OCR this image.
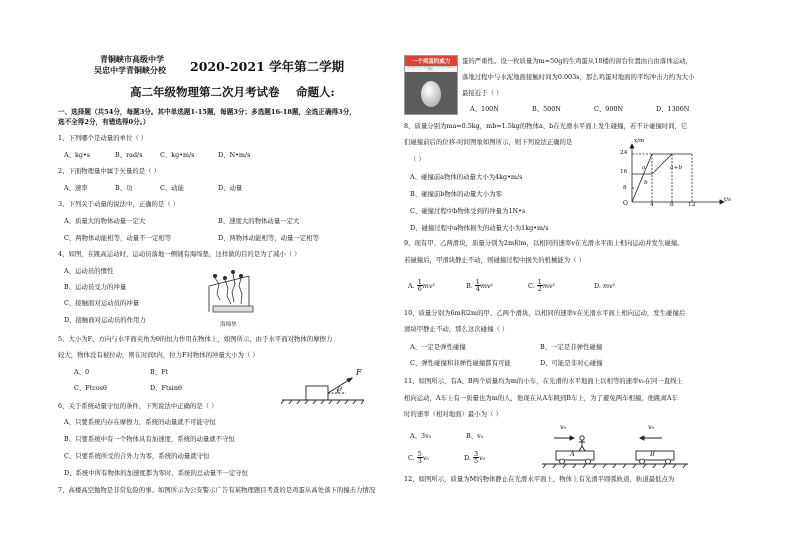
青铜峡市高级中学
吴忠中学青铜峡分校 2020-2021 学年第二学期
高二年级物理第二次月考试卷 命题人:
一、选择题（共54分，每题3分。其中单选题1-15题，每题3分；多选题16-18题，全选正确得3分，
选不全得2分，有错选得0分。）
1、下列哪个是动量的单位（ ）
A、kg•s	B、rad/s	C、kg•m/s	D、N•m/s
2、下面物理量中属于矢量的是（ ）
A、速率	B、功	C、动能	D、动量
3、下列关于动量的说法中，正确的是（ ）
A、质量大的物体动量一定大	B、速度大的物体动量一定大
C、两物体动能相等，动量不一定相等	D、两物体动能相等，动量一定相等
4、如图，在跳高运动时，运动员落地一侧铺有海绵垫，这样做的目的是为了减小（ ）
A、运动员的惯性
B、运动员受力的冲量
C、接触面对运动员的冲量
D、接触面对运动员的作用力
海绵垫
5、大小为F、方向与水平面夹角为θ的恒力作用在物体上，如图所示，由于水平面对物体的摩擦力
较大，物体没有被拉动，则在时间t内，拉力F对物体的冲量大小为（ ）
A、0	B、Ft
C、Ftcosθ	D、Ftsinθ
F
θ
6、关于系统动量守恒的条件，下列说法中正确的是（ ）
A、只要系统内存在摩擦力，系统的动量就不可能守恒
B、只要系统中有一个物体具有加速度，系统的动量就不守恒
C、只要系统所受的合外力为零，系统的动量就守恒
D、系统中所有物体的加速度都为零时，系统的总动量不一定守恒
7、高楼高空抛物是非常危险的事。如图所示为公安警示广告有某物理题目考查的是鸡蛋从高处落下的撞击力情况
一个鸡蛋的威力
高空抛物危险 从高处落下的鸡蛋可能致人伤亡
蛋的严重性。设一枚质量为m=50g的生鸡蛋从18楼的窗台位置由自由落体运动，
落地过程中与水泥地面接触时间为0.003s，那么鸡蛋对地面的平均冲击力约为大小
最接近于（ ）
A、100N	B、500N	C、900N	D、1300N
8、质量分别为ma=0.5kg，mb=1.5kg的物体a、b在光滑水平面上发生碰撞，若不计碰撞时间，它
们碰撞前后的位移-时间图象如图所示，则下列说法正确的是
（ ）
A、碰撞前a物体的动量大小为4kg•m/s
B、碰撞前b物体的动量大小为零
C、碰撞过程中b物体受到的冲量为1N•s
D、碰撞过程中a物体损失的动量大小为1kg•m/s
x/m
t/s
O
24
16
8
4	8 12
a
b
a+b
9、现有甲、乙两滑块，质量分别为2m和m，以相同的速率v在光滑水平面上相向运动并发生碰撞。
若碰撞后，甲滑块静止不动，则碰撞过程中损失的机械能为（ ）
A. $\frac{1}{6} mv^2$	B. $\frac{1}{4} mv^2$	C. $\frac{1}{2} mv^2$	D. mv²
10、质量分别为6m和2m的甲、乙两个滑块，以相同的速率v在光滑水平面上相向运动，发生碰撞后
滑块甲静止不动，那么这次碰撞（ ）
A、一定是弹性碰撞	B、一定是非弹性碰撞
C、弹性碰撞和非弹性碰撞都有可能	D、可能是非对心碰撞
11、如图所示，有A、B两个质量均为m的小车，在光滑的水平地面上以相等的速率v₀在同一直线上
相向运动，A车上有一质量也为m的人，他现在从A车跳到B车上，为了避免两车相撞，他跳离A车
时的速率（相对地面）最小为（ ）
A、3v₀	B、v₀
C. $\frac{5}{3} v_0$	D. $\frac{3}{5} v_0$
v₀	v₀
A	B
12、如图所示，质量为M的物体静止在光滑水平面上，物体上有光滑半圆弧轨道，轨道最低点为
